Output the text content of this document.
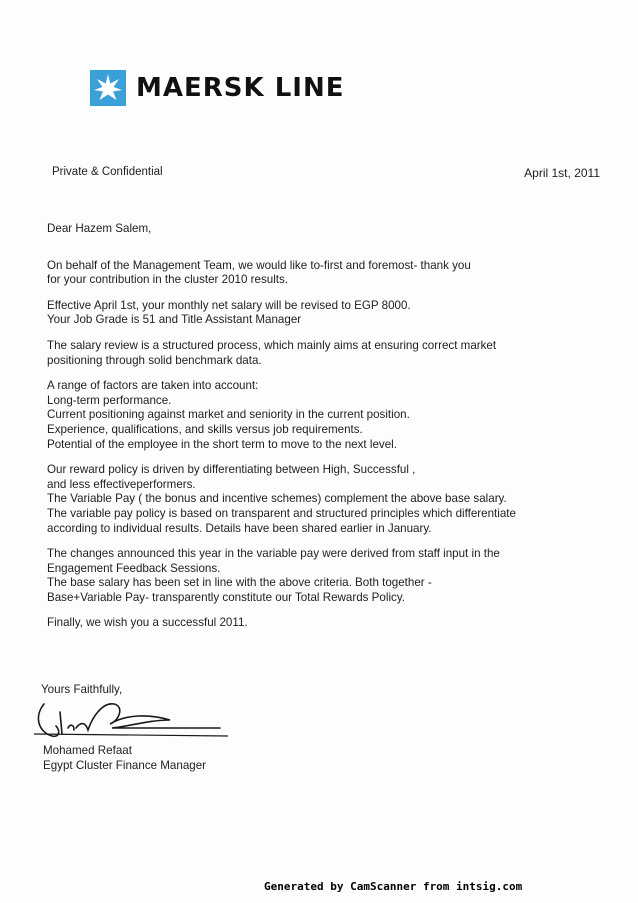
MAERSK LINE
Private & Confidential	April 1st, 2011

Dear Hazem Salem,

On behalf of the Management Team, we would like to-first and foremost- thank you
for your contribution in the cluster 2010 results.

Effective April 1st, your monthly net salary will be revised to EGP 8000.
Your Job Grade is 51 and Title Assistant Manager

The salary review is a structured process, which mainly aims at ensuring correct market
positioning through solid benchmark data.

A range of factors are taken into account:
Long-term performance.
Current positioning against market and seniority in the current position.
Experience, qualifications, and skills versus job requirements.
Potential of the employee in the short term to move to the next level.

Our reward policy is driven by differentiating between High, Successful ,
and less effectiveperformers.
The Variable Pay ( the bonus and incentive schemes) complement the above base salary.
The variable pay policy is based on transparent and structured principles which differentiate
according to individual results. Details have been shared earlier in January.

The changes announced this year in the variable pay were derived from staff input in the
Engagement Feedback Sessions.
The base salary has been set in line with the above criteria. Both together -
Base+Variable Pay- transparently constitute our Total Rewards Policy.

Finally, we wish you a successful 2011.

Yours Faithfully,
Mohamed Refaat
Egypt Cluster Finance Manager
Generated by CamScanner from intsig.com
